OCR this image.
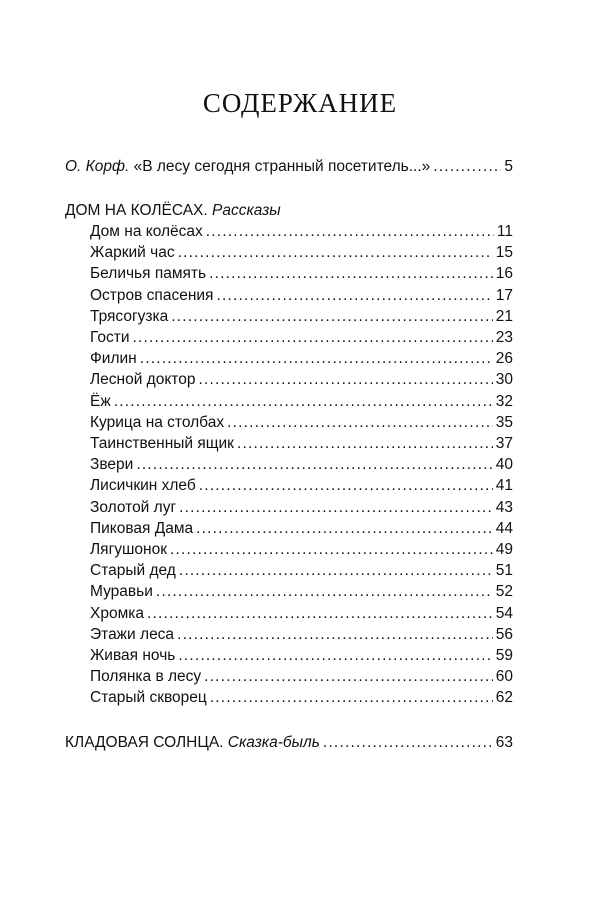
СОДЕРЖАНИЕ
О. Корф.
«В лесу сегодня странный посетитель...» .....	5
ДОМ НА КОЛЁСАХ.
Рассказы
Дом на колёсах .....	11
Жаркий час .....	15
Беличья память .....	16
Остров спасения .....	17
Трясогузка .....	21
Гости .....	23
Филин .....	26
Лесной доктор .....	30
Ёж .....	32
Курица на столбах .....	35
Таинственный ящик .....	37
Звери .....	40
Лисичкин хлеб .....	41
Золотой луг .....	43
Пиковая Дама .....	44
Лягушонок .....	49
Старый дед .....	51
Муравьи .....	52
Хромка .....	54
Этажи леса .....	56
Живая ночь .....	59
Полянка в лесу .....	60
Старый скворец .....	62
КЛАДОВАЯ СОЛНЦА.
Сказка-быль .....	63
